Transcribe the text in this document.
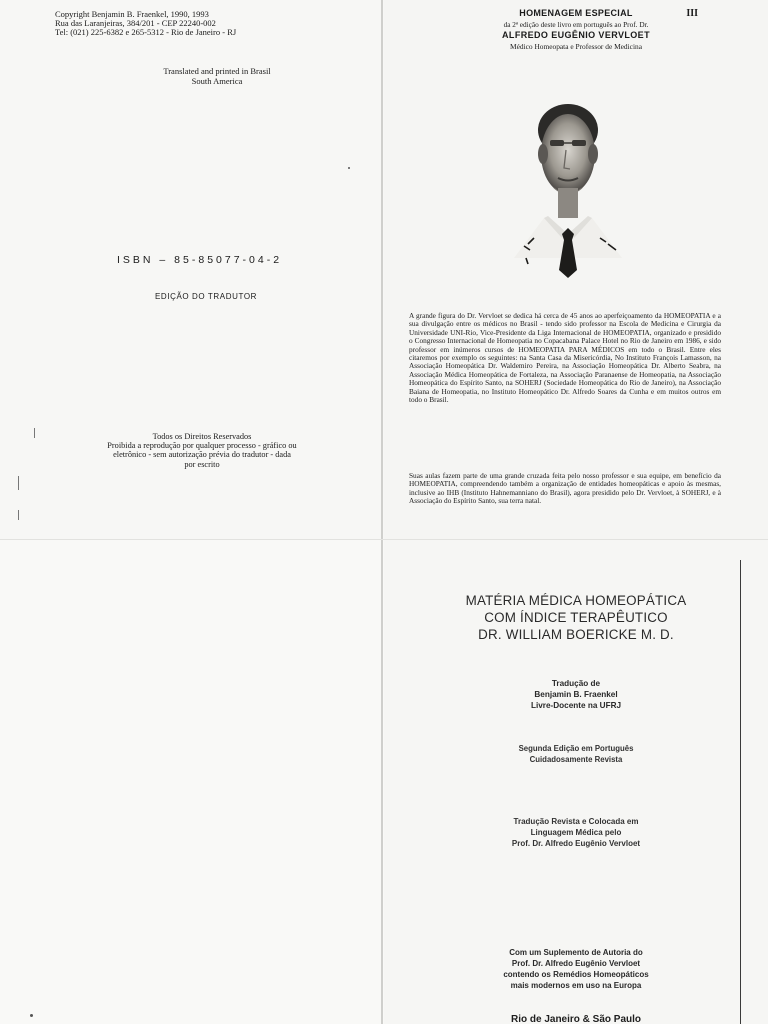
Copyright Benjamin B. Fraenkel, 1990, 1993
Rua das Laranjeiras, 384/201 - CEP 22240-002
Tel: (021) 225-6382 e 265-5312 - Rio de Janeiro - RJ
Translated and printed in Brasil
South America
ISBN – 85-85077-04-2
EDIÇÃO DO TRADUTOR
Todos os Direitos Reservados
Proibida a reprodução por qualquer processo - gráfico ou
eletrônico - sem autorização prévia do tradutor - dada
por escrito
HOMENAGEM ESPECIAL	III
da 2ª edição deste livro em português ao Prof. Dr.
ALFREDO EUGÊNIO VERVLOET
Médico Homeopata e Professor de Medicina

A grande figura do Dr. Vervloet se dedica há cerca de 45 anos ao aperfeiçoamento da HOMEOPATIA e a sua divulgação entre os médicos no Brasil - tendo sido professor na Escola de Medicina e Cirurgia da Universidade UNI-Rio, Vice-Presidente da Liga Internacional de HOMEOPATIA, organizado e presidido o Congresso Internacional de Homeopatia no Copacabana Palace Hotel no Rio de Janeiro em 1986, e sido professor em inúmeros cursos de HOMEOPATIA PARA MÉDICOS em todo o Brasil. Entre eles citaremos por exemplo os seguintes: na Santa Casa da Misericórdia, No Instituto François Lamasson, na Associação Homeopática Dr. Waldemiro Pereira, na Associação Homeopática Dr. Alberto Seabra, na Associação Médica Homeopática de Fortaleza, na Associação Paranaense de Homeopatia, na Associação Homeopática do Espírito Santo, na SOHERJ (Sociedade Homeopática do Rio de Janeiro), na Associação Baiana de Homeopatia, no Instituto Homeopático Dr. Alfredo Soares da Cunha e em muitos outros em todo o Brasil.

Suas aulas fazem parte de uma grande cruzada feita pelo nosso professor e sua equipe, em benefício da HOMEOPATIA, compreendendo também a organização de entidades homeopáticas e apoio às mesmas, inclusive ao IHB (Instituto Hahnemanniano do Brasil), agora presidido pelo Dr. Vervloet, à SOHERJ, e à Associação do Espírito Santo, sua terra natal.

MATÉRIA MÉDICA HOMEOPÁTICA
COM ÍNDICE TERAPÊUTICO
DR. WILLIAM BOERICKE M. D.
Tradução de
Benjamin B. Fraenkel
Livre-Docente na UFRJ
Segunda Edição em Português
Cuidadosamente Revista
Tradução Revista e Colocada em
Linguagem Médica pelo
Prof. Dr. Alfredo Eugênio Vervloet
Com um Suplemento de Autoria do
Prof. Dr. Alfredo Eugênio Vervloet
contendo os Remédios Homeopáticos
mais modernos em uso na Europa
Rio de Janeiro & São Paulo
